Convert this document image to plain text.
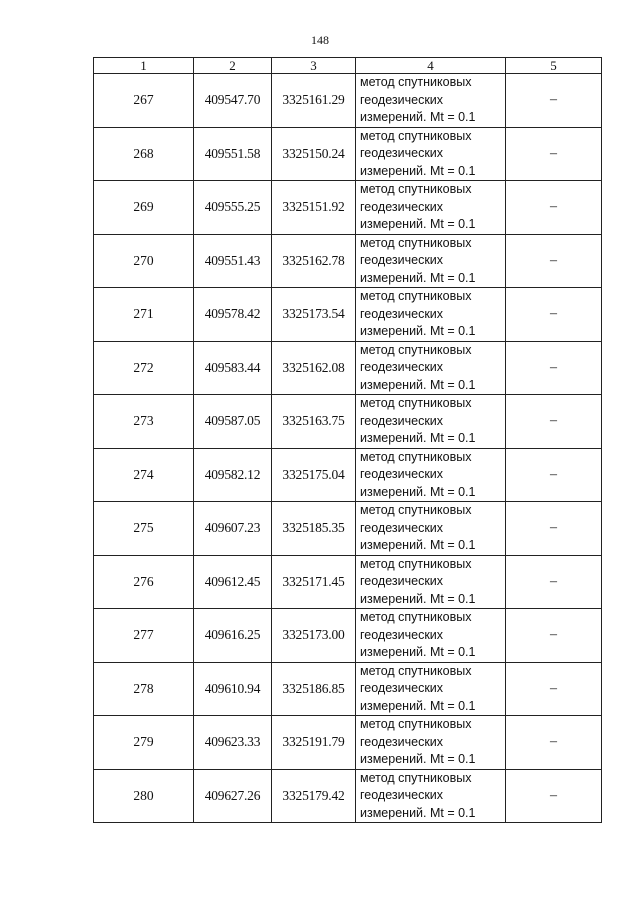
148
1	2	3	4	5
267	409547.70	3325161.29	метод спутниковых
геодезических
измерений. Mt = 0.1	–
268	409551.58	3325150.24	метод спутниковых
геодезических
измерений. Mt = 0.1	–
269	409555.25	3325151.92	метод спутниковых
геодезических
измерений. Mt = 0.1	–
270	409551.43	3325162.78	метод спутниковых
геодезических
измерений. Mt = 0.1	–
271	409578.42	3325173.54	метод спутниковых
геодезических
измерений. Mt = 0.1	–
272	409583.44	3325162.08	метод спутниковых
геодезических
измерений. Mt = 0.1	–
273	409587.05	3325163.75	метод спутниковых
геодезических
измерений. Mt = 0.1	–
274	409582.12	3325175.04	метод спутниковых
геодезических
измерений. Mt = 0.1	–
275	409607.23	3325185.35	метод спутниковых
геодезических
измерений. Mt = 0.1	–
276	409612.45	3325171.45	метод спутниковых
геодезических
измерений. Mt = 0.1	–
277	409616.25	3325173.00	метод спутниковых
геодезических
измерений. Mt = 0.1	–
278	409610.94	3325186.85	метод спутниковых
геодезических
измерений. Mt = 0.1	–
279	409623.33	3325191.79	метод спутниковых
геодезических
измерений. Mt = 0.1	–
280	409627.26	3325179.42	метод спутниковых
геодезических
измерений. Mt = 0.1	–
